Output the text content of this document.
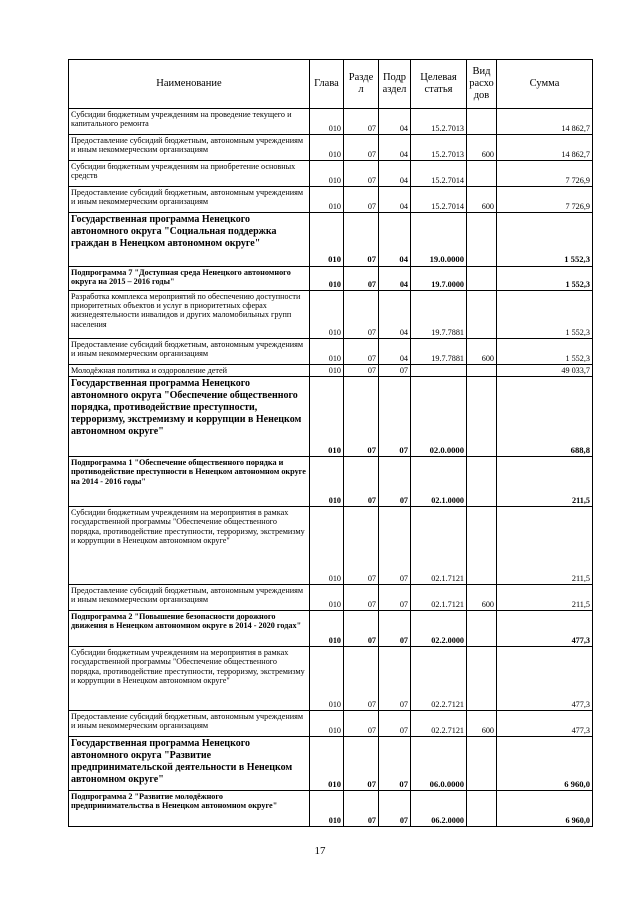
Наименование	Глава	Разде л	Подр аздел	Целевая статья	Вид расхо дов	Сумма
Субсидии бюджетным учреждениям на проведение текущего и капитального ремонта	010	07	04	15.2.7013		14 862,7
Предоставление субсидий бюджетным, автономным учреждениям и иным некоммерческим организациям	010	07	04	15.2.7013	600	14 862,7
Субсидии бюджетным учреждениям на приобретение основных средств	010	07	04	15.2.7014		7 726,9
Предоставление субсидий бюджетным, автономным учреждениям и иным некоммерческим организациям	010	07	04	15.2.7014	600	7 726,9
Государственная программа Ненецкого автономного округа "Социальная поддержка граждан в Ненецком автономном округе"	010	07	04	19.0.0000		1 552,3
Подпрограмма 7 "Доступная среда Ненецкого автономного округа на 2015 – 2016 годы"	010	07	04	19.7.0000		1 552,3
Разработка комплекса мероприятий по обеспечению доступности приоритетных объектов и услуг в приоритетных сферах жизнедеятельности инвалидов и других маломобильных групп населения	010	07	04	19.7.7881		1 552,3
Предоставление субсидий бюджетным, автономным учреждениям и иным некоммерческим организациям	010	07	04	19.7.7881	600	1 552,3
Молодёжная политика и оздоровление детей	010	07	07			49 033,7
Государственная программа Ненецкого автономного округа "Обеспечение общественного порядка, противодействие преступности, терроризму, экстремизму и коррупции в Ненецком автономном округе"	010	07	07	02.0.0000		688,8
Подпрограмма 1 "Обеспечение общественного порядка и противодействие преступности в Ненецком автономном округе на 2014 - 2016 годы"	010	07	07	02.1.0000		211,5
Субсидии бюджетным учреждениям на мероприятия в рамках государственной программы "Обеспечение общественного порядка, противодействие преступности, терроризму, экстремизму и коррупции в Ненецком автономном округе"	010	07	07	02.1.7121		211,5
Предоставление субсидий бюджетным, автономным учреждениям и иным некоммерческим организациям	010	07	07	02.1.7121	600	211,5
Подпрограмма 2 "Повышение безопасности дорожного движения в Ненецком автономном округе в 2014 - 2020 годах"	010	07	07	02.2.0000		477,3
Субсидии бюджетным учреждениям на мероприятия в рамках государственной программы "Обеспечение общественного порядка, противодействие преступности, терроризму, экстремизму и коррупции в Ненецком автономном округе"	010	07	07	02.2.7121		477,3
Предоставление субсидий бюджетным, автономным учреждениям и иным некоммерческим организациям	010	07	07	02.2.7121	600	477,3
Государственная программа Ненецкого автономного округа "Развитие предпринимательской деятельности в Ненецком автономном округе"	010	07	07	06.0.0000		6 960,0
Подпрограмма 2 "Развитие молодёжного предпринимательства в Ненецком автономном округе"	010	07	07	06.2.0000		6 960,0
17
